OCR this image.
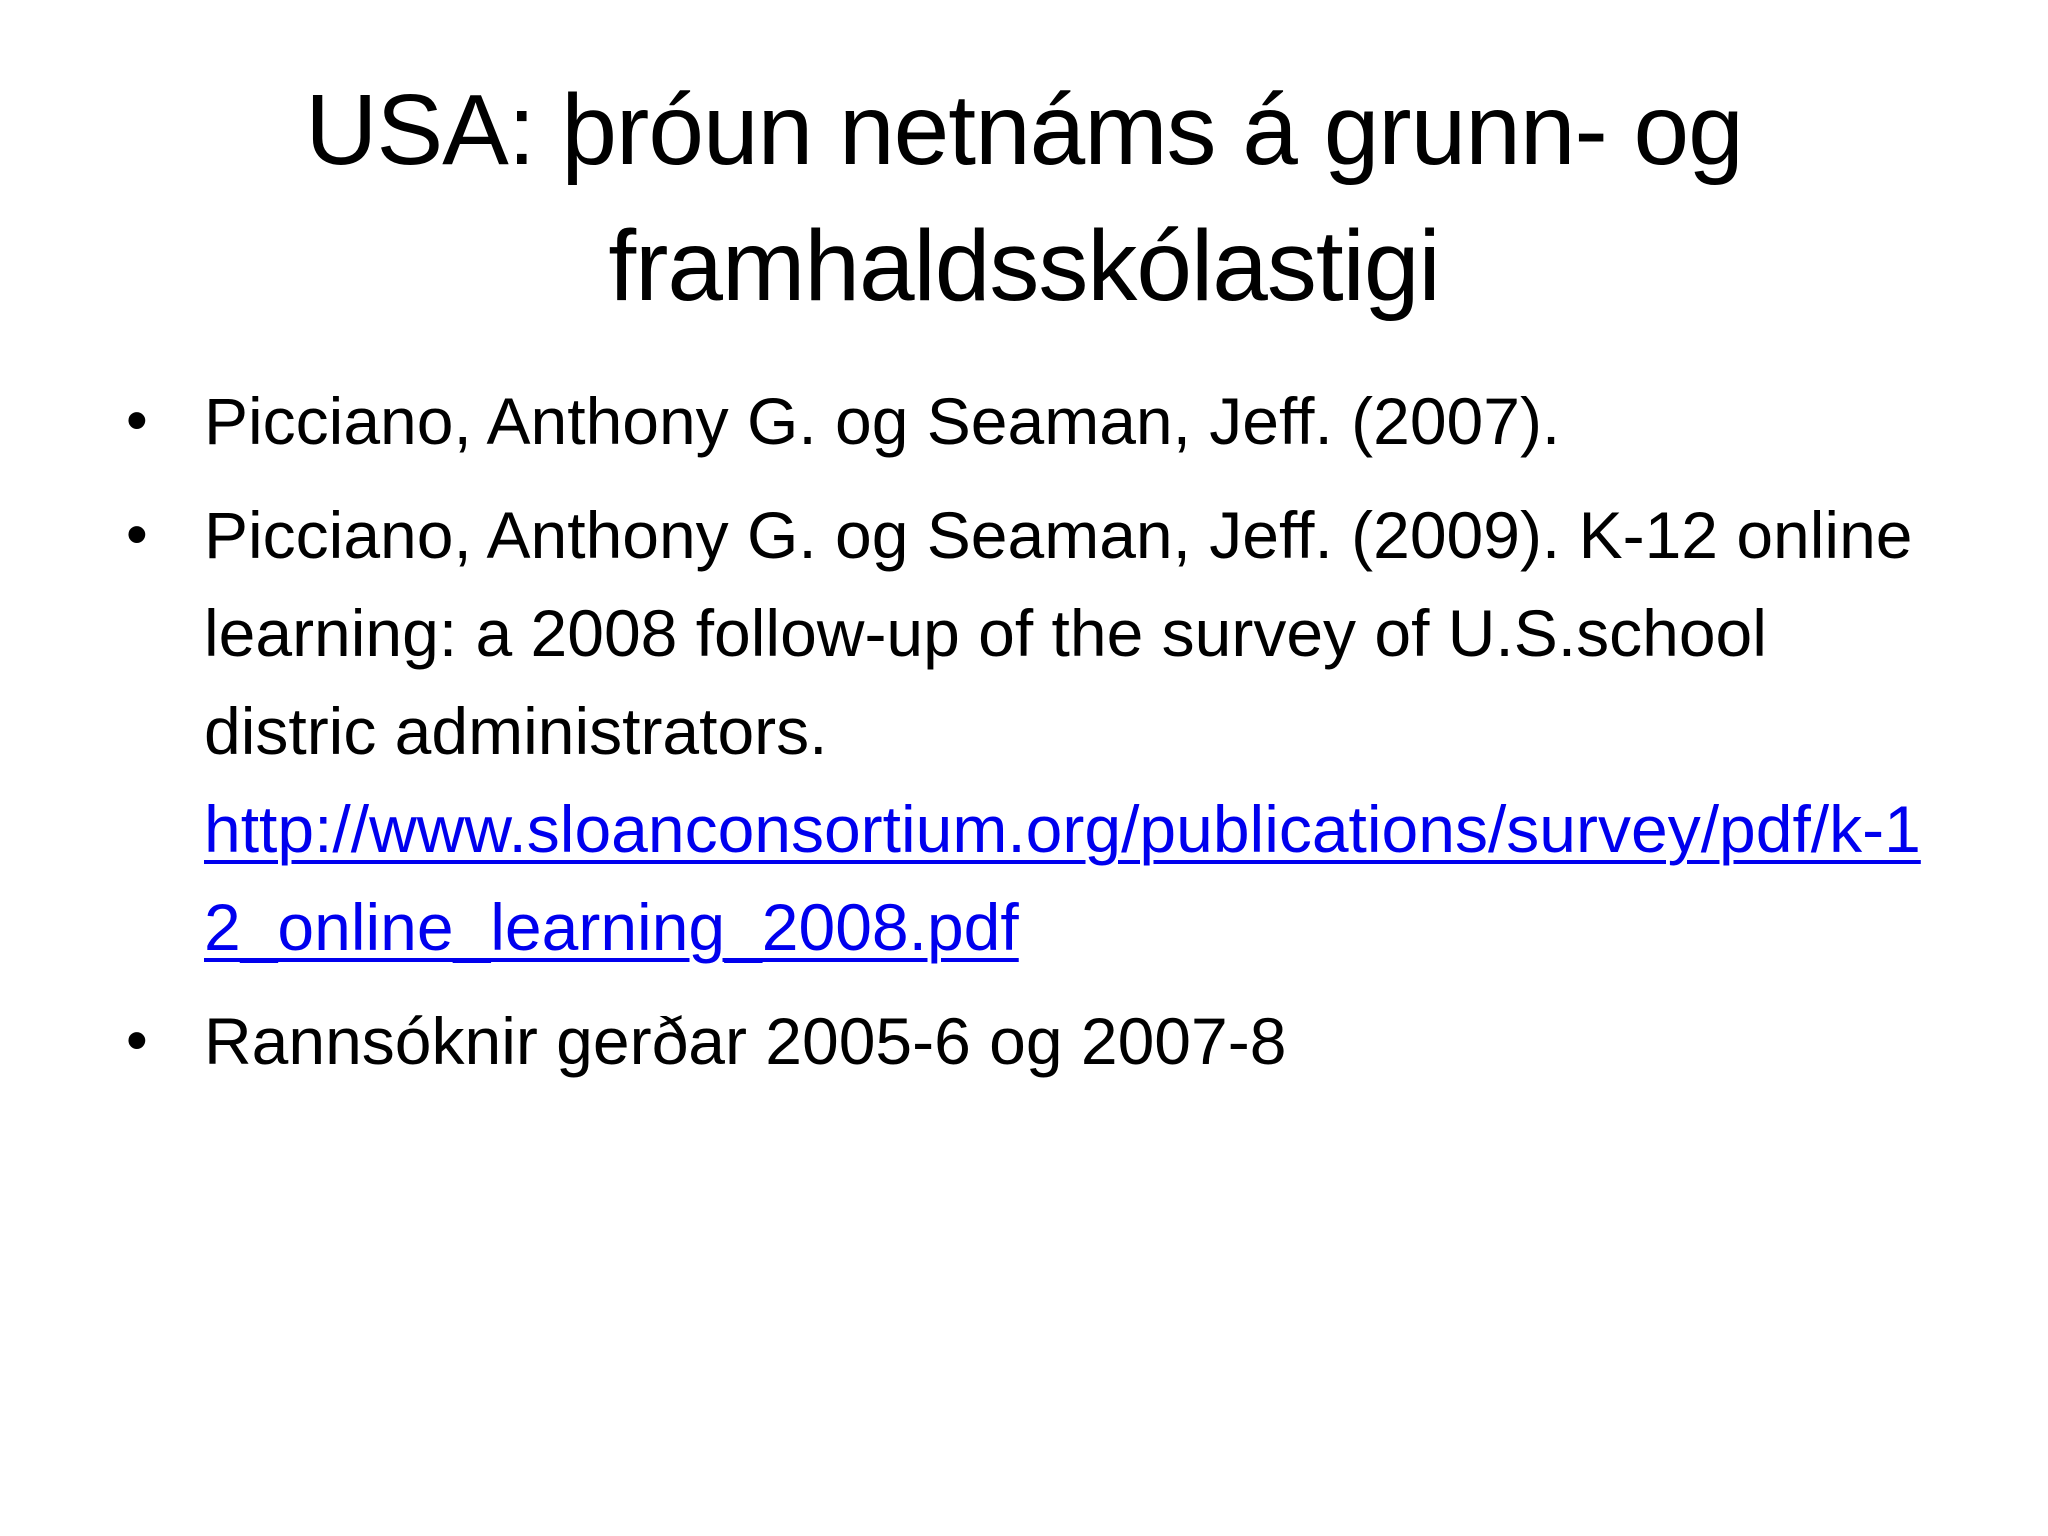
USA: þróun netnáms á grunn- og
framhaldsskólastigi
• Picciano, Anthony G. og Seaman, Jeff. (2007).
• Picciano, Anthony G. og Seaman, Jeff. (2009). K-12 online learning: a 2008 follow-up of the survey of U.S.school distric administrators.
http://www.sloanconsortium.org/publications/survey/pdf/k-12_online_learning_2008.pdf
• Rannsóknir gerðar 2005-6 og 2007-8
